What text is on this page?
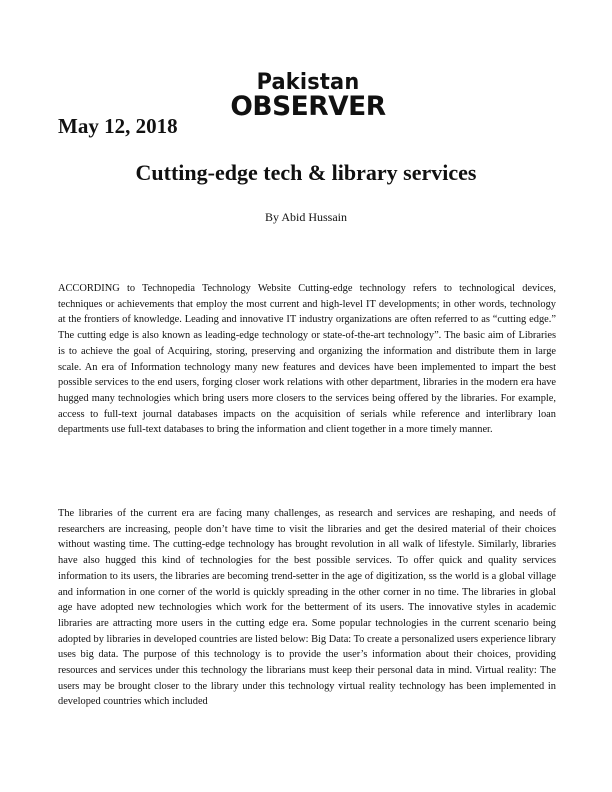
Pakistan
OBSERVER
May 12, 2018
Cutting-edge tech & library services
By Abid Hussain

ACCORDING to Technopedia Technology Website Cutting-edge technology refers to technological devices, techniques or achievements that employ the most current and high-level IT developments; in other words, technology at the frontiers of knowledge. Leading and innovative IT industry organizations are often referred to as “cutting edge.” The cutting edge is also known as leading-edge technology or state-of-the-art technology”. The basic aim of Libraries is to achieve the goal of Acquiring, storing, preserving and organizing the information and distribute them in large scale. An era of Information technology many new features and devices have been implemented to impart the best possible services to the end users, forging closer work relations with other department, libraries in the modern era have hugged many technologies which bring users more closers to the services being offered by the libraries. For example, access to full-text journal databases impacts on the acquisition of serials while reference and interlibrary loan departments use full-text databases to bring the information and client together in a more timely manner.

The libraries of the current era are facing many challenges, as research and services are reshaping, and needs of researchers are increasing, people don’t have time to visit the libraries and get the desired material of their choices without wasting time. The cutting-edge technology has brought revolution in all walk of lifestyle. Similarly, libraries have also hugged this kind of technologies for the best possible services. To offer quick and quality services information to its users, the libraries are becoming trend-setter in the age of digitization, ss the world is a global village and information in one corner of the world is quickly spreading in the other corner in no time. The libraries in global age have adopted new technologies which work for the betterment of its users. The innovative styles in academic libraries are attracting more users in the cutting edge era. Some popular technologies in the current scenario being adopted by libraries in developed countries are listed below: Big Data: To create a personalized users experience library uses big data. The purpose of this technology is to provide the user’s information about their choices, providing resources and services under this technology the librarians must keep their personal data in mind. Virtual reality: The users may be brought closer to the library under this technology virtual reality technology has been implemented in developed countries which included
